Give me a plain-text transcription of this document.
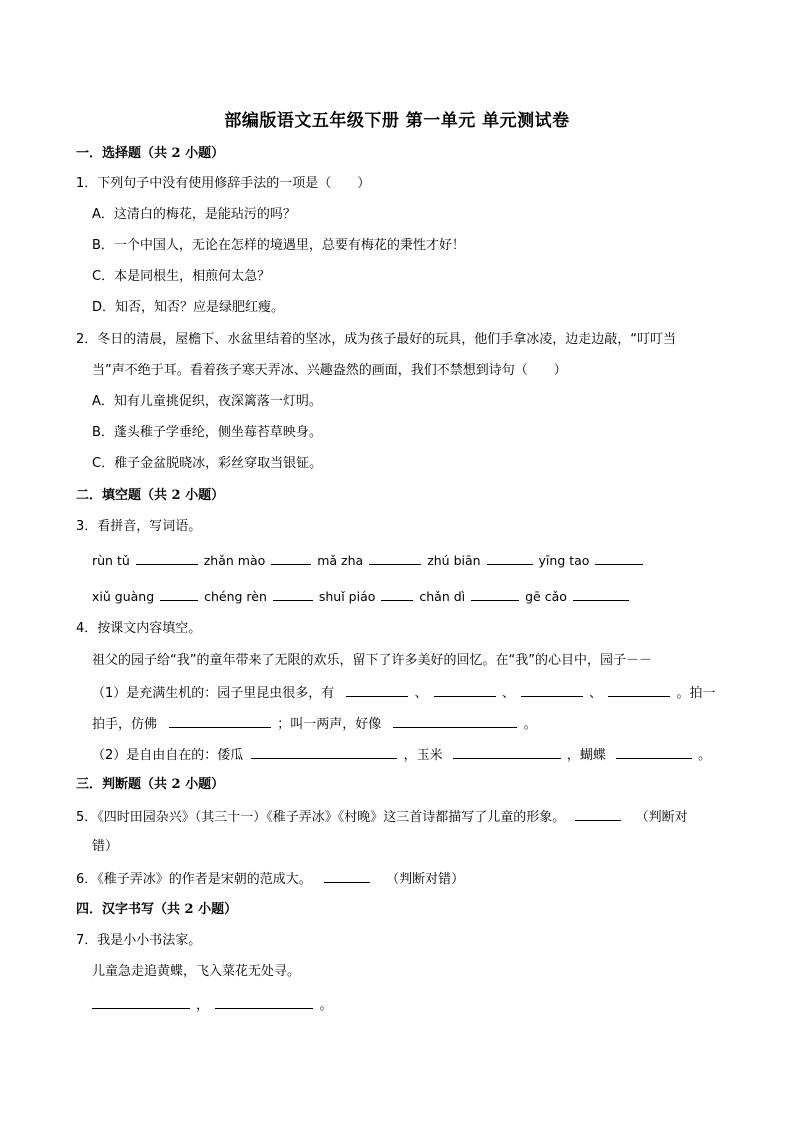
部编版语文五年级下册 第一单元 单元测试卷
一．选择题（共 2 小题）
1．下列句子中没有使用修辞手法的一项是（　　）
A．这清白的梅花，是能玷污的吗？
B．一个中国人，无论在怎样的境遇里，总要有梅花的秉性才好！
C．本是同根生，相煎何太急？
D．知否，知否？应是绿肥红瘦。
2．冬日的清晨，屋檐下、水盆里结着的坚冰，成为孩子最好的玩具，他们手拿冰凌，边走边敲，“叮叮当
当”声不绝于耳。看着孩子寒天弄冰、兴趣盎然的画面，我们不禁想到诗句（　　）
A．知有儿童挑促织，夜深篱落一灯明。
B．蓬头稚子学垂纶，侧坐莓苔草映身。
C．稚子金盆脱晓冰，彩丝穿取当银钲。
二．填空题（共 2 小题）
3．看拼音，写词语。
rùn tǔ	zhǎn mào	mǎ zha	zhú biān	yīng tao
xiǔ guàng	chéng rèn	shuǐ piáo	chǎn dì	gē cǎo
4．按课文内容填空。
祖父的园子给“我”的童年带来了无限的欢乐，留下了许多美好的回忆。在“我”的心目中，园子－－
（1）是充满生机的：园子里昆虫很多，有	、	、	、	。拍一
拍手，仿佛	；叫一两声，好像	。
（2）是自由自在的：倭瓜	，玉米	，蝴蝶	。
三．判断题（共 2 小题）
5．《四时田园杂兴》（其三十一）《稚子弄冰》《村晚》这三首诗都描写了儿童的形象。	（判断对
错）
6．《稚子弄冰》的作者是宋朝的范成大。	（判断对错）
四．汉字书写（共 2 小题）
7．我是小小书法家。
儿童急走追黄蝶，飞入菜花无处寻。
，	。
